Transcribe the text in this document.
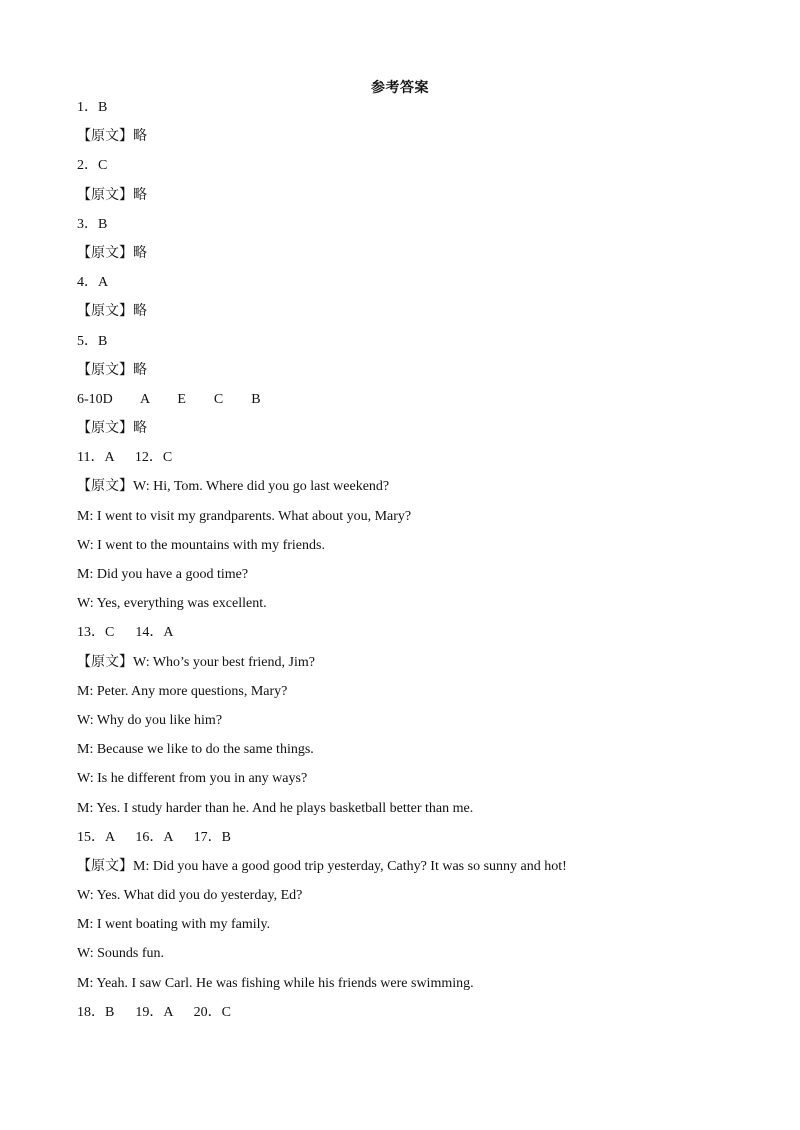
参考答案
1．B
【原文】略
2．C
【原文】略
3．B
【原文】略
4．A
【原文】略
5．B
【原文】略
6-10D        A        E        C        B
【原文】略
11．A      12．C
【原文】W: Hi, Tom. Where did you go last weekend?
M: I went to visit my grandparents. What about you, Mary?
W: I went to the mountains with my friends.
M: Did you have a good time?
W: Yes, everything was excellent.
13．C      14．A
【原文】W: Who’s your best friend, Jim?
M: Peter. Any more questions, Mary?
W: Why do you like him?
M: Because we like to do the same things.
W: Is he different from you in any ways?
M: Yes. I study harder than he. And he plays basketball better than me.
15．A      16．A      17．B
【原文】M: Did you have a good good trip yesterday, Cathy? It was so sunny and hot!
W: Yes. What did you do yesterday, Ed?
M: I went boating with my family.
W: Sounds fun.
M: Yeah. I saw Carl. He was fishing while his friends were swimming.
18．B      19．A      20．C
